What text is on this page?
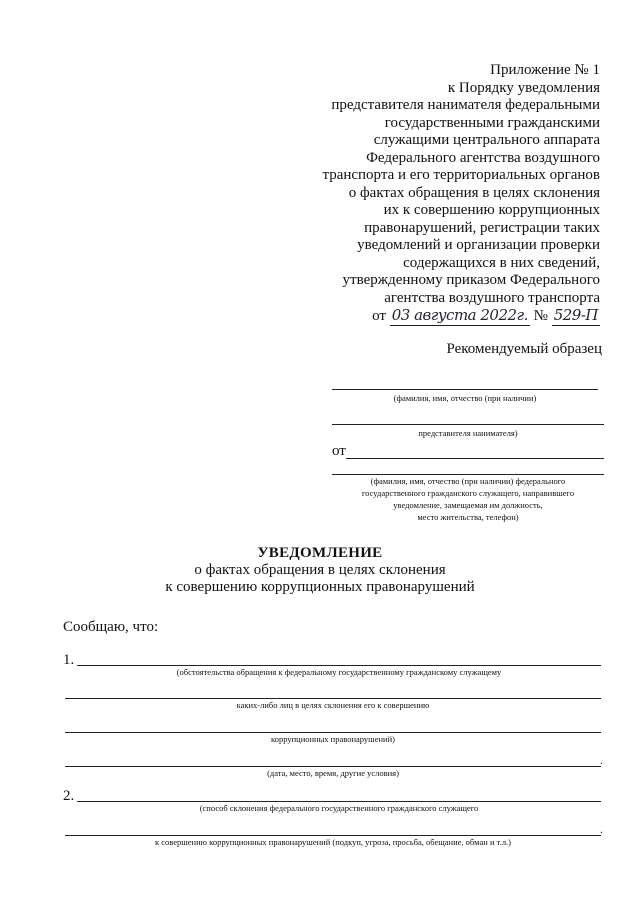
Приложение № 1
к Порядку уведомления
представителя нанимателя федеральными
государственными гражданскими
служащими центрального аппарата
Федерального агентства воздушного
транспорта и его территориальных органов
о фактах обращения в целях склонения
их к совершению коррупционных
правонарушений, регистрации таких
уведомлений и организации проверки
содержащихся в них сведений,
утвержденному приказом Федерального
агентства воздушного транспорта
от 03 августа 2022г. № 529-П
Рекомендуемый образец
(фамилия, имя, отчество (при наличии)
представителя нанимателя)
от
(фамилия, имя, отчество (при наличии) федерального
государственного гражданского служащего, направившего
уведомление, замещаемая им должность,
место жительства, телефон)
УВЕДОМЛЕНИЕ
о фактах обращения в целях склонения
к совершению коррупционных правонарушений
Сообщаю, что:
1.
(обстоятельства обращения к федеральному государственному гражданскому служащему
каких-либо лиц в целях склонения его к совершению
коррупционных правонарушений)
.
(дата, место, время, другие условия)
2.
(способ склонения федерального государственного гражданского служащего
.
к совершению коррупционных правонарушений (подкуп, угроза, просьба, обещание, обман и т.л.)
